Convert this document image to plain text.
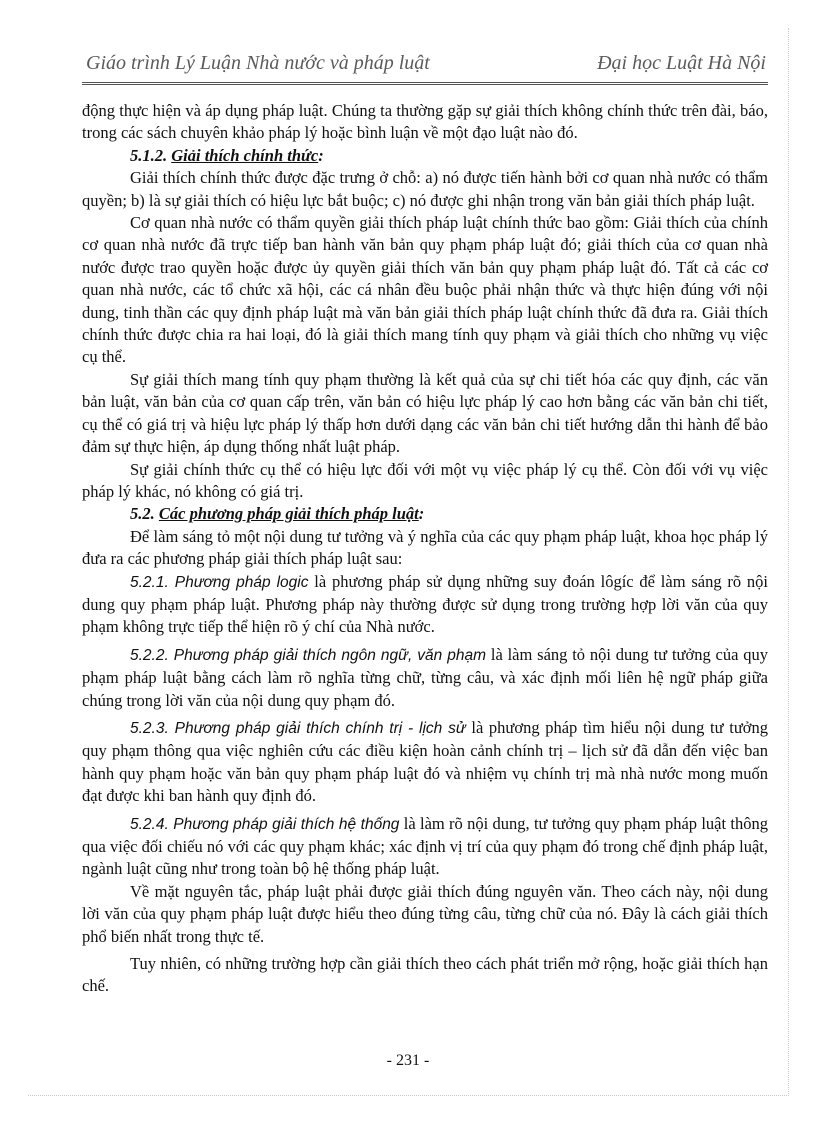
Giáo trình Lý Luận Nhà nước và pháp luật	Đại học Luật Hà Nội

động thực hiện và áp dụng pháp luật. Chúng ta thường gặp sự giải thích không chính thức trên đài, báo, trong các sách chuyên khảo pháp lý hoặc bình luận về một đạo luật nào đó.

5.1.2. Giải thích chính thức:

Giải thích chính thức được đặc trưng ở chỗ: a) nó được tiến hành bởi cơ quan nhà nước có thẩm quyền; b) là sự giải thích có hiệu lực bắt buộc; c) nó được ghi nhận trong văn bản giải thích pháp luật.

Cơ quan nhà nước có thẩm quyền giải thích pháp luật chính thức bao gồm: Giải thích của chính cơ quan nhà nước đã trực tiếp ban hành văn bản quy phạm pháp luật đó; giải thích của cơ quan nhà nước được trao quyền hoặc được ủy quyền giải thích văn bản quy phạm pháp luật đó. Tất cả các cơ quan nhà nước, các tổ chức xã hội, các cá nhân đều buộc phải nhận thức và thực hiện đúng với nội dung, tinh thần các quy định pháp luật mà văn bản giải thích pháp luật chính thức đã đưa ra. Giải thích chính thức được chia ra hai loại, đó là giải thích mang tính quy phạm và giải thích cho những vụ việc cụ thể.

Sự giải thích mang tính quy phạm thường là kết quả của sự chi tiết hóa các quy định, các văn bản luật, văn bản của cơ quan cấp trên, văn bản có hiệu lực pháp lý cao hơn bằng các văn bản chi tiết, cụ thể có giá trị và hiệu lực pháp lý thấp hơn dưới dạng các văn bản chi tiết hướng dẫn thi hành để bảo đảm sự thực hiện, áp dụng thống nhất luật pháp.

Sự giải chính thức cụ thể có hiệu lực đối với một vụ việc pháp lý cụ thể. Còn đối với vụ việc pháp lý khác, nó không có giá trị.

5.2. Các phương pháp giải thích pháp luật:

Để làm sáng tỏ một nội dung tư tưởng và ý nghĩa của các quy phạm pháp luật, khoa học pháp lý đưa ra các phương pháp giải thích pháp luật sau:

5.2.1. Phương pháp logic là phương pháp sử dụng những suy đoán lôgíc để làm sáng rõ nội dung quy phạm pháp luật. Phương pháp này thường được sử dụng trong trường hợp lời văn của quy phạm không trực tiếp thể hiện rõ ý chí của Nhà nước.

5.2.2. Phương pháp giải thích ngôn ngữ, văn phạm là làm sáng tỏ nội dung tư tưởng của quy phạm pháp luật bằng cách làm rõ nghĩa từng chữ, từng câu, và xác định mối liên hệ ngữ pháp giữa chúng trong lời văn của nội dung quy phạm đó.

5.2.3. Phương pháp giải thích chính trị - lịch sử là phương pháp tìm hiểu nội dung tư tưởng quy phạm thông qua việc nghiên cứu các điều kiện hoàn cảnh chính trị – lịch sử đã dẫn đến việc ban hành quy phạm hoặc văn bản quy phạm pháp luật đó và nhiệm vụ chính trị mà nhà nước mong muốn đạt được khi ban hành quy định đó.

5.2.4. Phương pháp giải thích hệ thống là làm rõ nội dung, tư tưởng quy phạm pháp luật thông qua việc đối chiếu nó với các quy phạm khác; xác định vị trí của quy phạm đó trong chế định pháp luật, ngành luật cũng như trong toàn bộ hệ thống pháp luật.

Về mặt nguyên tắc, pháp luật phải được giải thích đúng nguyên văn. Theo cách này, nội dung lời văn của quy phạm pháp luật được hiểu theo đúng từng câu, từng chữ của nó. Đây là cách giải thích phổ biến nhất trong thực tế.

Tuy nhiên, có những trường hợp cần giải thích theo cách phát triển mở rộng, hoặc giải thích hạn chế.

- 231 -
